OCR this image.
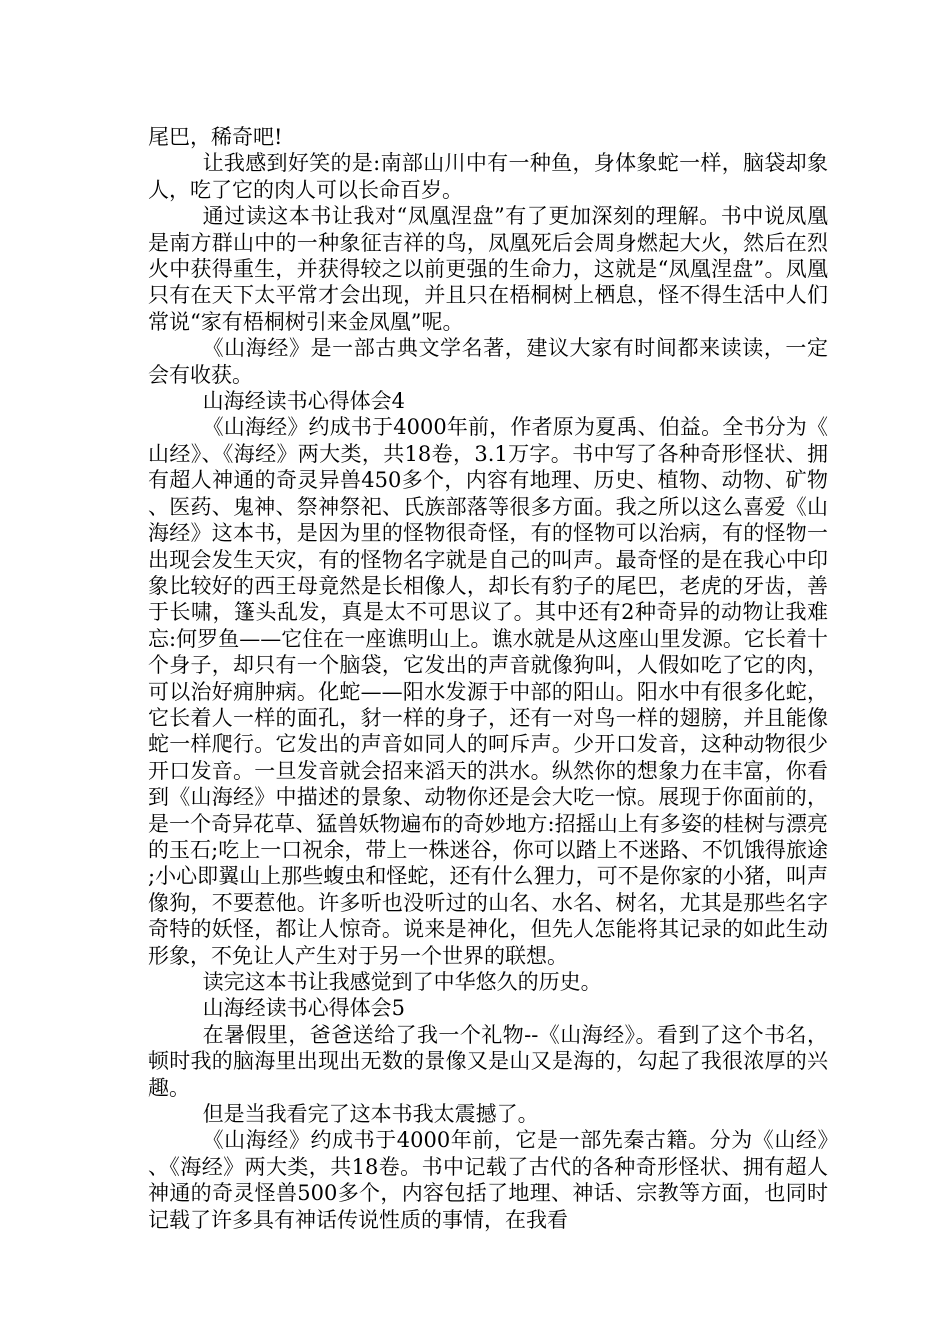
尾巴，稀奇吧!

让我感到好笑的是:南部山川中有一种鱼，身体象蛇一样，脑袋却象人，吃了它的肉人可以长命百岁。

通过读这本书让我对“凤凰涅盘”有了更加深刻的理解。书中说凤凰是南方群山中的一种象征吉祥的鸟，凤凰死后会周身燃起大火，然后在烈火中获得重生，并获得较之以前更强的生命力，这就是“凤凰涅盘”。凤凰只有在天下太平常才会出现，并且只在梧桐树上栖息，怪不得生活中人们常说“家有梧桐树引来金凤凰”呢。

《山海经》是一部古典文学名著，建议大家有时间都来读读，一定会有收获。

山海经读书心得体会4

《山海经》约成书于4000年前，作者原为夏禹、伯益。全书分为《山经》、《海经》两大类，共18卷，3.1万字。书中写了各种奇形怪状、拥有超人神通的奇灵异兽450多个，内容有地理、历史、植物、动物、矿物、医药、鬼神、祭神祭祀、氏族部落等很多方面。我之所以这么喜爱《山海经》这本书，是因为里的怪物很奇怪，有的怪物可以治病，有的怪物一出现会发生天灾，有的怪物名字就是自己的叫声。最奇怪的是在我心中印象比较好的西王母竟然是长相像人，却长有豹子的尾巴，老虎的牙齿，善于长啸，篷头乱发，真是太不可思议了。其中还有2种奇异的动物让我难忘:何罗鱼——它住在一座谯明山上。谯水就是从这座山里发源。它长着十个身子，却只有一个脑袋，它发出的声音就像狗叫，人假如吃了它的肉，可以治好痈肿病。化蛇——阳水发源于中部的阳山。阳水中有很多化蛇，它长着人一样的面孔，豺一样的身子，还有一对鸟一样的翅膀，并且能像蛇一样爬行。它发出的声音如同人的呵斥声。少开口发音，这种动物很少开口发音。一旦发音就会招来滔天的洪水。纵然你的想象力在丰富，你看到《山海经》中描述的景象、动物你还是会大吃一惊。展现于你面前的，是一个奇异花草、猛兽妖物遍布的奇妙地方:招摇山上有多姿的桂树与漂亮的玉石;吃上一口祝余，带上一株迷谷，你可以踏上不迷路、不饥饿得旅途;小心即翼山上那些蝮虫和怪蛇，还有什么狸力，可不是你家的小猪，叫声像狗，不要惹他。许多听也没听过的山名、水名、树名，尤其是那些名字奇特的妖怪，都让人惊奇。说来是神化，但先人怎能将其记录的如此生动形象，不免让人产生对于另一个世界的联想。

读完这本书让我感觉到了中华悠久的历史。

山海经读书心得体会5

在暑假里，爸爸送给了我一个礼物--《山海经》。看到了这个书名，顿时我的脑海里出现出无数的景像又是山又是海的，勾起了我很浓厚的兴趣。

但是当我看完了这本书我太震撼了。

《山海经》约成书于4000年前，它是一部先秦古籍。分为《山经》、《海经》两大类，共18卷。书中记载了古代的各种奇形怪状、拥有超人神通的奇灵怪兽500多个，内容包括了地理、神话、宗教等方面，也同时记载了许多具有神话传说性质的事情，在我看
